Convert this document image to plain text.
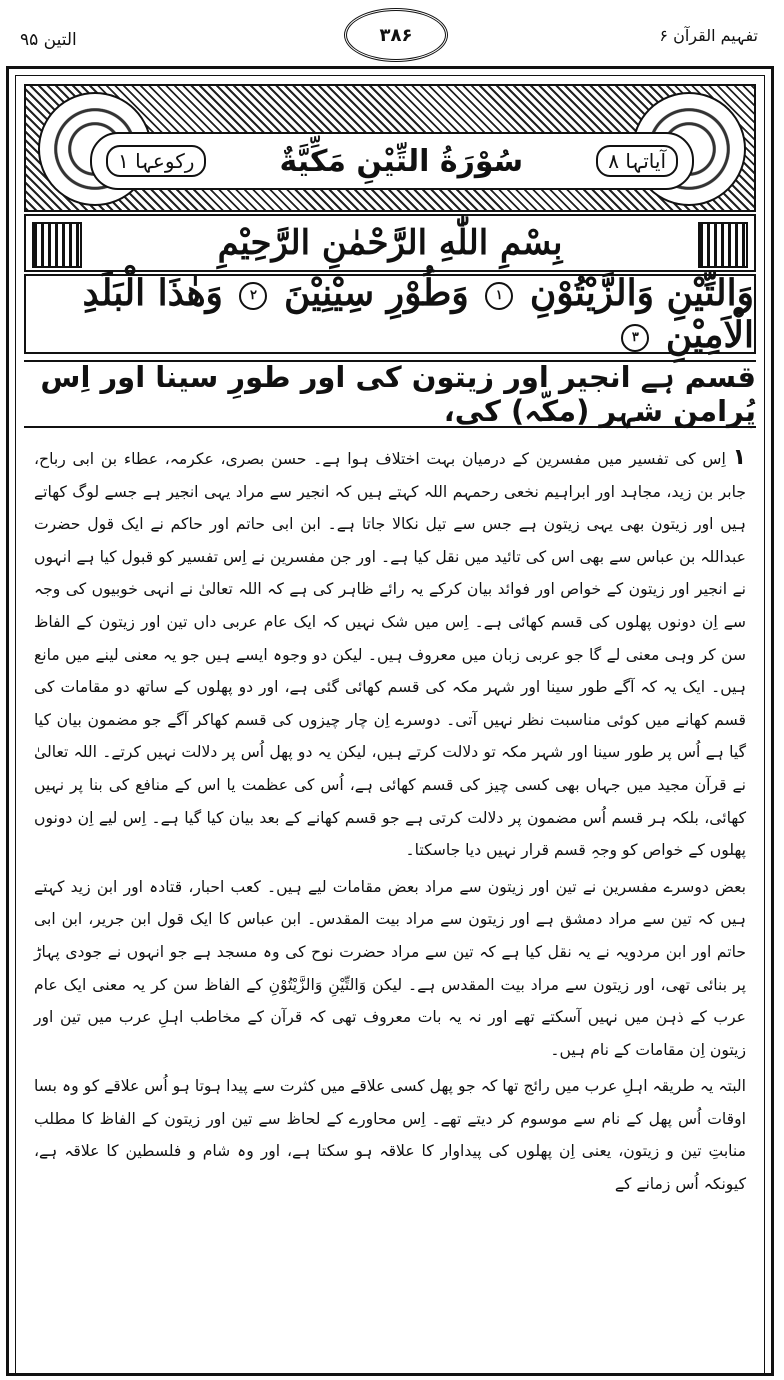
التین ۹۵	۳۸۶	تفہیم القرآن ۶
آیاتہا ۸
سُوْرَةُ التِّيْنِ مَكِّيَّةٌ
رکوعہا ۱
بِسْمِ اللّٰهِ الرَّحْمٰنِ الرَّحِيْمِ
وَالتِّيْنِ وَالزَّيْتُوْنِ ۱ وَطُوْرِ سِيْنِيْنَ ۲ وَهٰذَا الْبَلَدِ الْاَمِيْنِ ۳
قسم ہے انجیر اور زیتون کی اور طورِ سینا اور اِس پُرامن شہر (مکّہ) کی،

۱ اِس کی تفسیر میں مفسرین کے درمیان بہت اختلاف ہوا ہے۔ حسن بصری، عکرمہ، عطاء بن ابی رباح، جابر بن زید، مجاہد اور ابراہیم نخعی رحمہم اللہ کہتے ہیں کہ انجیر سے مراد یہی انجیر ہے جسے لوگ کھاتے ہیں اور زیتون بھی یہی زیتون ہے جس سے تیل نکالا جاتا ہے۔ ابن ابی حاتم اور حاکم نے ایک قول حضرت عبداللہ بن عباس سے بھی اس کی تائید میں نقل کیا ہے۔ اور جن مفسرین نے اِس تفسیر کو قبول کیا ہے انہوں نے انجیر اور زیتون کے خواص اور فوائد بیان کرکے یہ رائے ظاہر کی ہے کہ اللہ تعالیٰ نے انہی خوبیوں کی وجہ سے اِن دونوں پھلوں کی قسم کھائی ہے۔ اِس میں شک نہیں کہ ایک عام عربی داں تین اور زیتون کے الفاظ سن کر وہی معنی لے گا جو عربی زبان میں معروف ہیں۔ لیکن دو وجوہ ایسے ہیں جو یہ معنی لینے میں مانع ہیں۔ ایک یہ کہ آگے طور سینا اور شہر مکہ کی قسم کھائی گئی ہے، اور دو پھلوں کے ساتھ دو مقامات کی قسم کھانے میں کوئی مناسبت نظر نہیں آتی۔ دوسرے اِن چار چیزوں کی قسم کھاکر آگے جو مضمون بیان کیا گیا ہے اُس پر طور سینا اور شہر مکہ تو دلالت کرتے ہیں، لیکن یہ دو پھل اُس پر دلالت نہیں کرتے۔ اللہ تعالیٰ نے قرآن مجید میں جہاں بھی کسی چیز کی قسم کھائی ہے، اُس کی عظمت یا اس کے منافع کی بنا پر نہیں کھائی، بلکہ ہر قسم اُس مضمون پر دلالت کرتی ہے جو قسم کھانے کے بعد بیان کیا گیا ہے۔ اِس لیے اِن دونوں پھلوں کے خواص کو وجہِ قسم قرار نہیں دیا جاسکتا۔

بعض دوسرے مفسرین نے تین اور زیتون سے مراد بعض مقامات لیے ہیں۔ کعب احبار، قتادہ اور ابن زید کہتے ہیں کہ تین سے مراد دمشق ہے اور زیتون سے مراد بیت المقدس۔ ابن عباس کا ایک قول ابن جریر، ابن ابی حاتم اور ابن مردویہ نے یہ نقل کیا ہے کہ تین سے مراد حضرت نوح کی وہ مسجد ہے جو انہوں نے جودی پہاڑ پر بنائی تھی، اور زیتون سے مراد بیت المقدس ہے۔ لیکن وَالتِّيْنِ وَالزَّيْتُوْنِ کے الفاظ سن کر یہ معنی ایک عام عرب کے ذہن میں نہیں آسکتے تھے اور نہ یہ بات معروف تھی کہ قرآن کے مخاطب اہلِ عرب میں تین اور زیتون اِن مقامات کے نام ہیں۔

البتہ یہ طریقہ اہلِ عرب میں رائج تھا کہ جو پھل کسی علاقے میں کثرت سے پیدا ہوتا ہو اُس علاقے کو وہ بسا اوقات اُس پھل کے نام سے موسوم کر دیتے تھے۔ اِس محاورے کے لحاظ سے تین اور زیتون کے الفاظ کا مطلب منابتِ تین و زیتون، یعنی اِن پھلوں کی پیداوار کا علاقہ ہو سکتا ہے، اور وہ شام و فلسطین کا علاقہ ہے، کیونکہ اُس زمانے کے
